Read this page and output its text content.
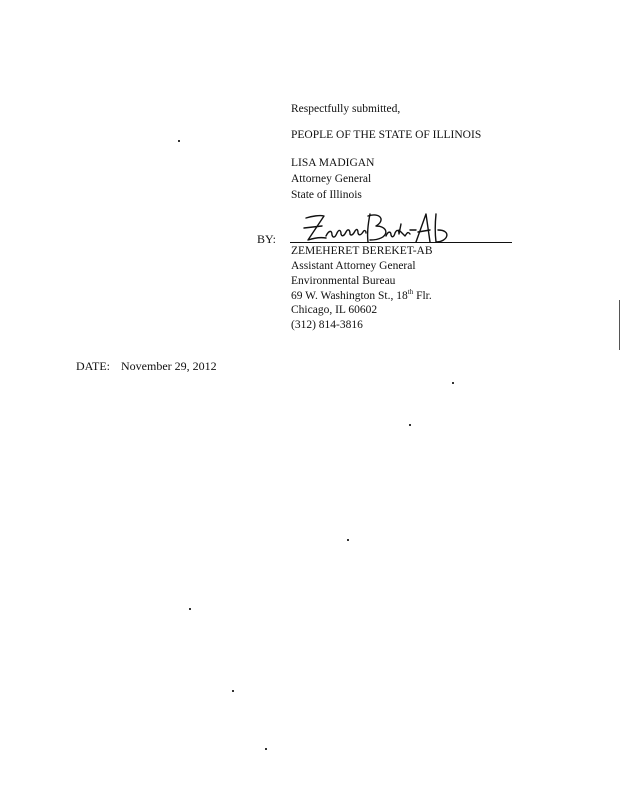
Respectfully submitted,
PEOPLE OF THE STATE OF ILLINOIS
LISA MADIGAN
Attorney General
State of Illinois
BY:
ZEMEHERET BEREKET-AB
Assistant Attorney General
Environmental Bureau
69 W. Washington St., 18th Flr.
Chicago, IL 60602
(312) 814-3816
DATE: November 29, 2012
